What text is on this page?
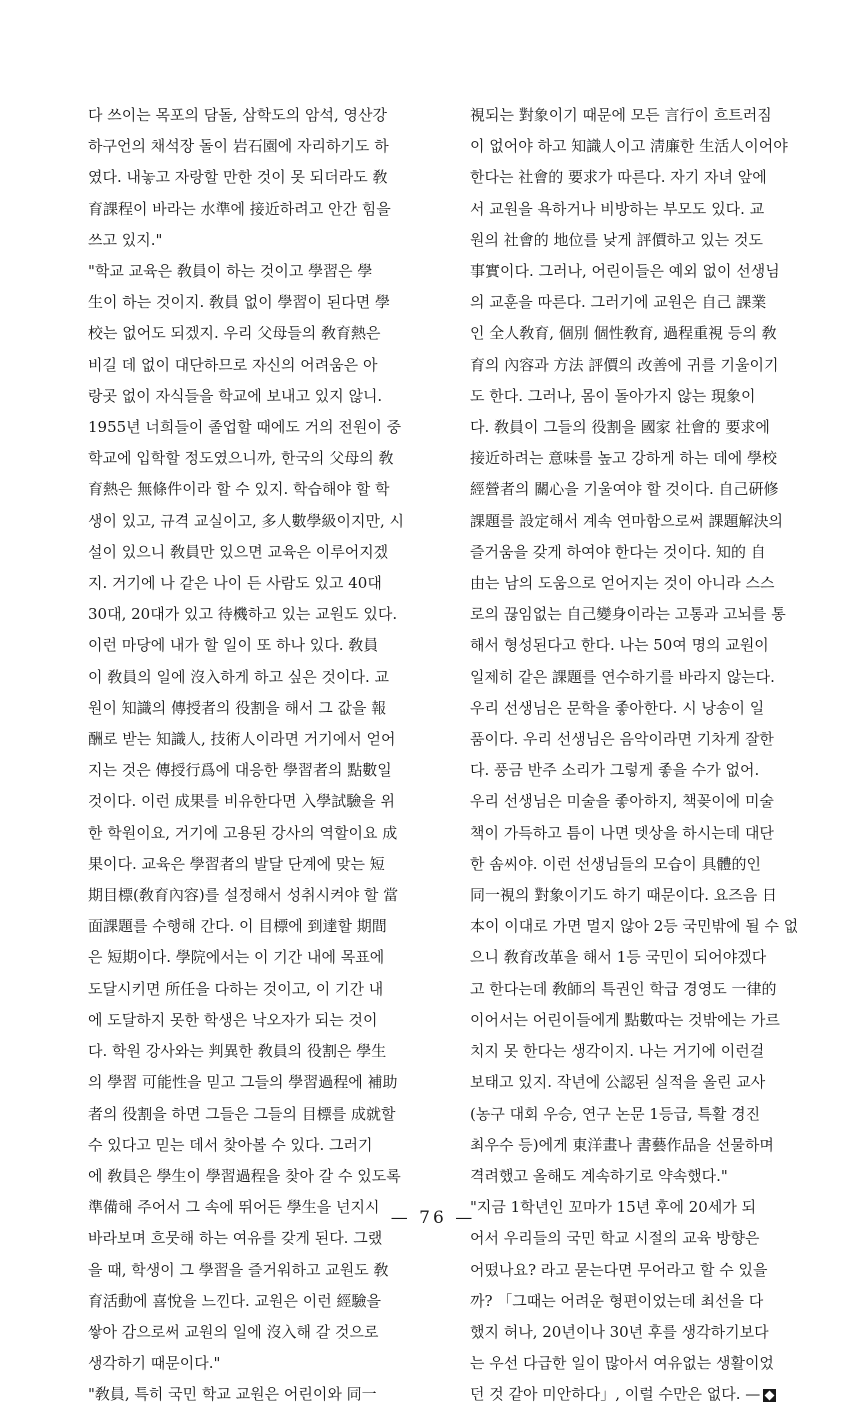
다 쓰이는 목포의 담돌, 삼학도의 암석, 영산강
하구언의 채석장 돌이 岩石園에 자리하기도 하
였다. 내놓고 자랑할 만한 것이 못 되더라도 敎
育課程이 바라는 水準에 接近하려고 안간 힘을
쓰고 있지."

"학교 교육은 敎員이 하는 것이고 學習은 學
生이 하는 것이지. 敎員 없이 學習이 된다면 學
校는 없어도 되겠지. 우리 父母들의 敎育熱은
비길 데 없이 대단하므로 자신의 어려움은 아
랑곳 없이 자식들을 학교에 보내고 있지 않니.
1955년 너희들이 졸업할 때에도 거의 전원이 중
학교에 입학할 정도였으니까, 한국의 父母의 敎
育熱은 無條件이라 할 수 있지. 학습해야 할 학
생이 있고, 규격 교실이고, 多人數學級이지만, 시
설이 있으니 敎員만 있으면 교육은 이루어지겠
지. 거기에 나 같은 나이 든 사람도 있고 40대
30대, 20대가 있고 待機하고 있는 교원도 있다.
이런 마당에 내가 할 일이 또 하나 있다. 敎員
이 敎員의 일에 沒入하게 하고 싶은 것이다. 교
원이 知識의 傳授者의 役割을 해서 그 값을 報
酬로 받는 知識人, 技術人이라면 거기에서 얻어
지는 것은 傳授行爲에 대응한 學習者의 點數일
것이다. 이런 成果를 비유한다면 入學試驗을 위
한 학원이요, 거기에 고용된 강사의 역할이요 成
果이다. 교육은 學習者의 발달 단계에 맞는 短
期目標(敎育內容)를 설정해서 성취시켜야 할 當
面課題를 수행해 간다. 이 目標에 到達할 期間
은 短期이다. 學院에서는 이 기간 내에 목표에
도달시키면 所任을 다하는 것이고, 이 기간 내
에 도달하지 못한 학생은 낙오자가 되는 것이
다. 학원 강사와는 判異한 敎員의 役割은 學生
의 學習 可能性을 믿고 그들의 學習過程에 補助
者의 役割을 하면 그들은 그들의 目標를 成就할
수 있다고 믿는 데서 찾아볼 수 있다. 그러기
에 敎員은 學生이 學習過程을 찾아 갈 수 있도록
準備해 주어서 그 속에 뛰어든 學生을 넌지시
바라보며 흐뭇해 하는 여유를 갖게 된다. 그랬
을 때, 학생이 그 學習을 즐거워하고 교원도 敎
育活動에 喜悅을 느낀다. 교원은 이런 經驗을
쌓아 감으로써 교원의 일에 沒入해 갈 것으로
생각하기 때문이다."

"敎員, 특히 국민 학교 교원은 어린이와 同一

視되는 對象이기 때문에 모든 言行이 흐트러짐
이 없어야 하고 知識人이고 淸廉한 生活人이어야
한다는 社會的 要求가 따른다. 자기 자녀 앞에
서 교원을 욕하거나 비방하는 부모도 있다. 교
원의 社會的 地位를 낮게 評價하고 있는 것도
事實이다. 그러나, 어린이들은 예외 없이 선생님
의 교훈을 따른다. 그러기에 교원은 自己 課業
인 全人敎育, 個別 個性敎育, 過程重視 등의 敎
育의 內容과 方法 評價의 改善에 귀를 기울이기
도 한다. 그러나, 몸이 돌아가지 않는 現象이
다. 敎員이 그들의 役割을 國家 社會的 要求에
接近하려는 意味를 높고 강하게 하는 데에 學校
經營者의 關心을 기울여야 할 것이다. 自己硏修
課題를 設定해서 계속 연마함으로써 課題解決의
즐거움을 갖게 하여야 한다는 것이다. 知的 自
由는 남의 도움으로 얻어지는 것이 아니라 스스
로의 끊임없는 自己變身이라는 고통과 고뇌를 통
해서 형성된다고 한다. 나는 50여 명의 교원이
일제히 같은 課題를 연수하기를 바라지 않는다.
우리 선생님은 문학을 좋아한다. 시 낭송이 일
품이다. 우리 선생님은 음악이라면 기차게 잘한
다. 풍금 반주 소리가 그렇게 좋을 수가 없어.
우리 선생님은 미술을 좋아하지, 책꽂이에 미술
책이 가득하고 틈이 나면 뎃상을 하시는데 대단
한 솜씨야. 이런 선생님들의 모습이 具體的인
同一視의 對象이기도 하기 때문이다. 요즈음 日
本이 이대로 가면 멀지 않아 2등 국민밖에 될 수 없
으니 敎育改革을 해서 1등 국민이 되어야겠다
고 한다는데 敎師의 특권인 학급 경영도 一律的
이어서는 어린이들에게 點數따는 것밖에는 가르
치지 못 한다는 생각이지. 나는 거기에 이런걸
보태고 있지. 작년에 公認된 실적을 올린 교사
(농구 대회 우승, 연구 논문 1등급, 특활 경진
최우수 등)에게 東洋畫나 書藝作品을 선물하며
격려했고 올해도 계속하기로 약속했다."

"지금 1학년인 꼬마가 15년 후에 20세가 되
어서 우리들의 국민 학교 시절의 교육 방향은
어떴나요? 라고 묻는다면 무어라고 할 수 있을
까? 「그때는 어려운 형편이었는데 최선을 다
했지 허나, 20년이나 30년 후를 생각하기보다
는 우선 다급한 일이 많아서 여유없는 생활이었
던 것 같아 미안하다」, 이럴 수만은 없다. —

— 76 —
